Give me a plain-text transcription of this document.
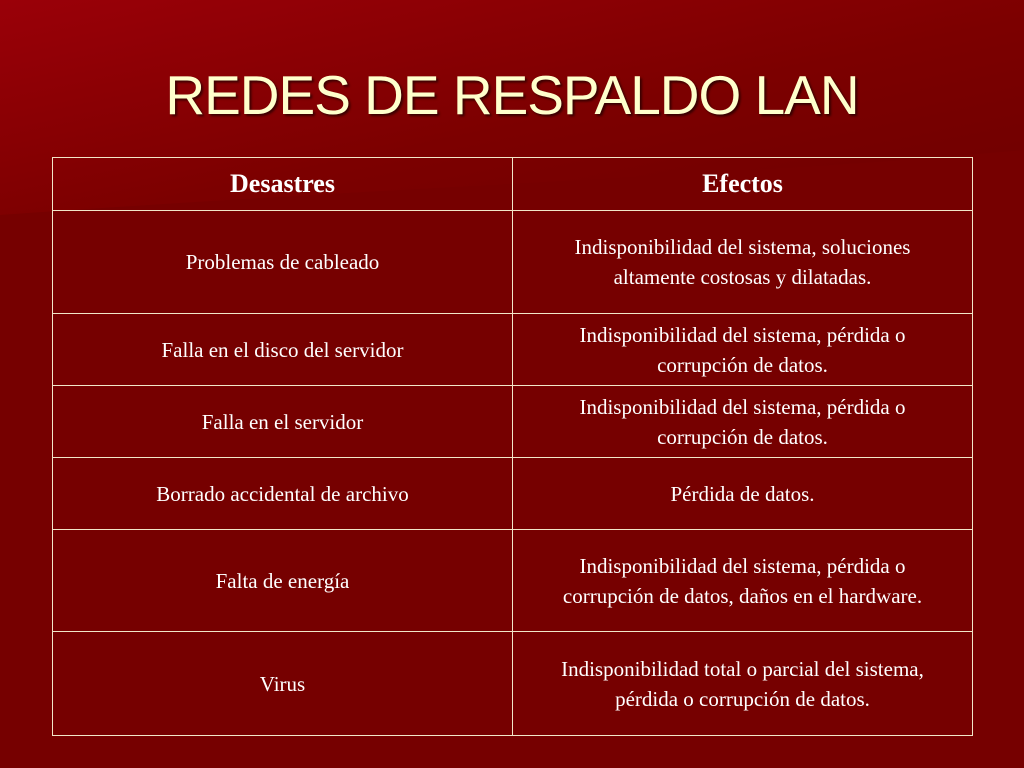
REDES DE RESPALDO LAN
Desastres	Efectos
Problemas de cableado	Indisponibilidad del sistema, soluciones altamente costosas y dilatadas.
Falla en el disco del servidor	Indisponibilidad del sistema, pérdida o corrupción de datos.
Falla en el servidor	Indisponibilidad del sistema, pérdida o corrupción de datos.
Borrado accidental de archivo	Pérdida de datos.
Falta de energía	Indisponibilidad del sistema, pérdida o corrupción de datos, daños en el hardware.
Virus	Indisponibilidad total o parcial del sistema, pérdida o corrupción de datos.
